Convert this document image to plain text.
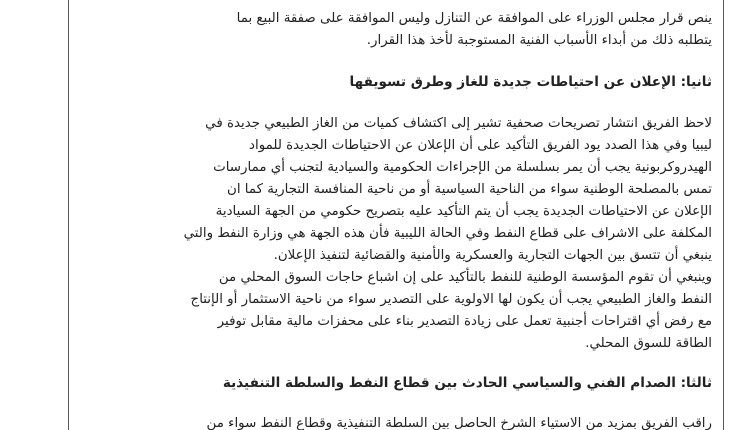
ينص قرار مجلس الوزراء على الموافقة عن التنازل وليس الموافقة على صفقة البيع بما
يتطلبه ذلك من أبداء الأسباب الفنية المستوجبة لأخذ هذا القرار.
ثانيا: الإعلان عن احتياطات جديدة للغاز وطرق تسويقها
لاحظ الفريق انتشار تصريحات صحفية تشير إلى اكتشاف كميات من الغاز الطبيعي جديدة في
ليبيا وفي هذا الصدد يود الفريق التأكيد على أن الإعلان عن الاحتياطات الجديدة للمواد
الهيدروكربونية يجب أن يمر بسلسلة من الإجراءات الحكومية والسيادية لتجنب أي ممارسات
تمس بالمصلحة الوطنية سواء من الناحية السياسية أو من ناحية المنافسة التجارية كما ان
الإعلان عن الاحتياطات الجديدة يجب أن يتم التأكيد عليه بتصريح حكومي من الجهة السيادية
المكلفة على الاشراف على قطاع النفط وفي الحالة الليبية فأن هذه الجهة هي وزارة النفط والتي
ينبغي أن تتسق بين الجهات التجارية والعسكرية والأمنية والقضائية لتنفيذ الإعلان.
وينبغي أن تقوم المؤسسة الوطنية للنفط بالتأكيد على إن اشباع حاجات السوق المحلي من
النفط والغاز الطبيعي يجب أن يكون لها الاولوية على التصدير سواء من ناحية الاستثمار أو الإنتاج
مع رفض أي اقتراحات أجنبية تعمل على زيادة التصدير بناء على محفزات مالية مقابل توفير
الطاقة للسوق المحلي.
ثالثا: الصدام الفني والسياسي الحادث بين قطاع النفط والسلطة التنفيذية
راقب الفريق بمزيد من الاستياء الشرخ الحاصل بين السلطة التنفيذية وقطاع النفط سواء من
